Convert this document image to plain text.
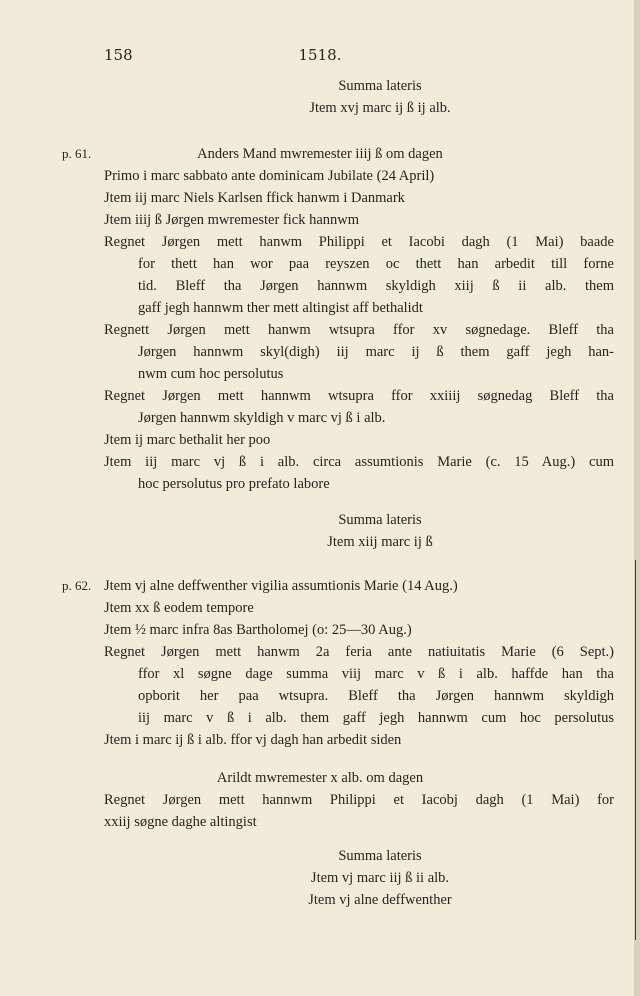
158	1518.
Summa lateris
Jtem xvj marc ij ß ij alb.
p. 61.	Anders Mand mwremester iiij ß om dagen
Primo i marc sabbato ante dominicam Jubilate (24 April)
Jtem iij marc Niels Karlsen ffick hanwm i Danmark
Jtem iiij ß Jørgen mwremester fick hannwm
Regnet Jørgen mett hanwm Philippi et Iacobi dagh (1 Mai) baade
for thett han wor paa reyszen oc thett han arbedit till forne
tid. Bleff tha Jørgen hannwm skyldigh xiij ß ii alb. them
gaff jegh hannwm ther mett altingist aff bethalidt
Regnett Jørgen mett hanwm wtsupra ffor xv søgnedage. Bleff tha
Jørgen hannwm skyl(digh) iij marc ij ß them gaff jegh han-
nwm cum hoc persolutus
Regnet Jørgen mett hannwm wtsupra ffor xxiiij søgnedag Bleff tha
Jørgen hannwm skyldigh v marc vj ß i alb.
Jtem ij marc bethalit her poo
Jtem iij marc vj ß i alb. circa assumtionis Marie (c. 15 Aug.) cum
hoc persolutus pro prefato labore
Summa lateris
Jtem xiij marc ij ß
p. 62. Jtem vj alne deffwenther vigilia assumtionis Marie (14 Aug.)
Jtem xx ß eodem tempore
Jtem ½ marc infra 8as Bartholomej (o: 25—30 Aug.)
Regnet Jørgen mett hanwm 2a feria ante natiuitatis Marie (6 Sept.)
ffor xl søgne dage summa viij marc v ß i alb. haffde han tha
opborit her paa wtsupra. Bleff tha Jørgen hannwm skyldigh
iij marc v ß i alb. them gaff jegh hannwm cum hoc persolutus
Jtem i marc ij ß i alb. ffor vj dagh han arbedit siden
Arildt mwremester x alb. om dagen
Regnet Jørgen mett hannwm Philippi et Iacobj dagh (1 Mai) for
xxiij søgne daghe altingist
Summa lateris
Jtem vj marc iij ß ii alb.
Jtem vj alne deffwenther
